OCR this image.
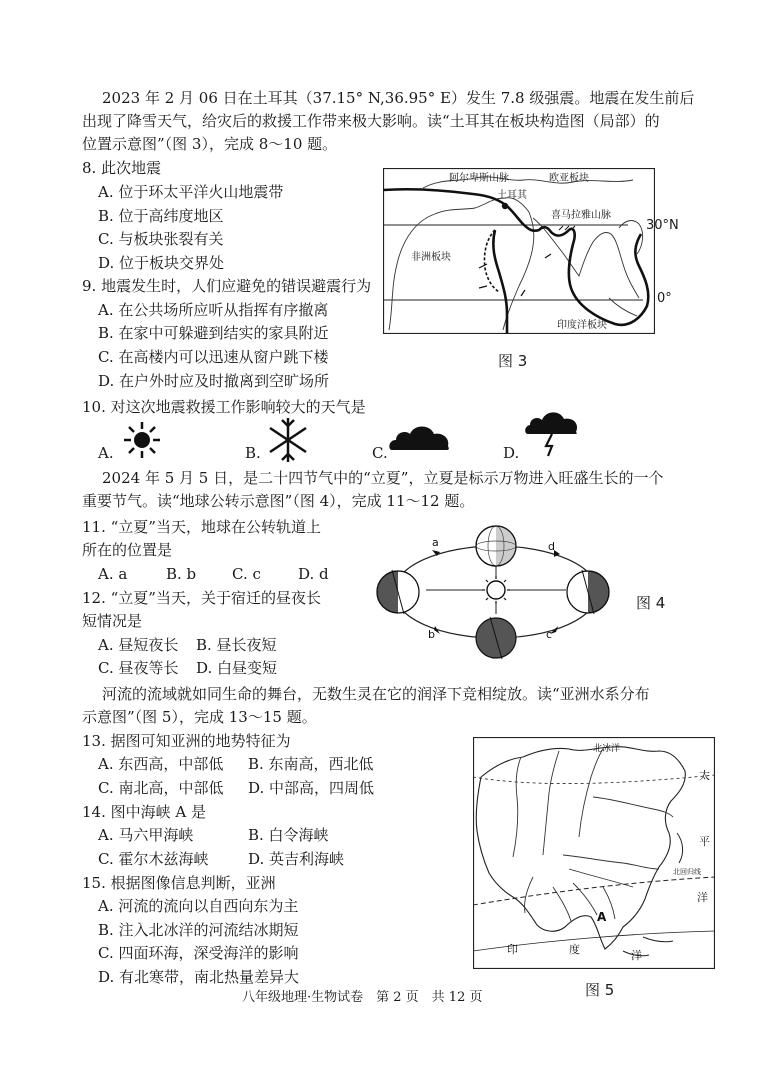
2023 年 2 月 06 日在土耳其（37.15° N,36.95° E）发生 7.8 级强震。地震在发生前后
出现了降雪天气，给灾后的救援工作带来极大影响。读“土耳其在板块构造图（局部）的
位置示意图”（图 3），完成 8～10 题。
8. 此次地震
A. 位于环太平洋火山地震带
B. 位于高纬度地区
C. 与板块张裂有关
D. 位于板块交界处
9. 地震发生时，人们应避免的错误避震行为
A. 在公共场所应听从指挥有序撤离
B. 在家中可躲避到结实的家具附近
C. 在高楼内可以迅速从窗户跳下楼
D. 在户外时应及时撤离到空旷场所
阿尔卑斯山脉	欧亚板块
土耳其
喜马拉雅山脉
非洲板块
印度洋板块
30°N
0°
图 3
10. 对这次地震救援工作影响较大的天气是
A.	B.	C.	D.
2024 年 5 月 5 日，是二十四节气中的“立夏”，立夏是标示万物进入旺盛生长的一个
重要节气。读“地球公转示意图”（图 4），完成 11～12 题。
11. “立夏”当天，地球在公转轨道上
所在的位置是
A. a	B. b C. c D. d
12. “立夏”当天，关于宿迁的昼夜长
短情况是
A. 昼短夜长 B. 昼长夜短
C. 昼夜等长 D. 白昼变短
a	d
b	c
图 4
河流的流域就如同生命的舞台，无数生灵在它的润泽下竞相绽放。读“亚洲水系分布
示意图”（图 5），完成 13～15 题。
13. 据图可知亚洲的地势特征为
A. 东西高，中部低 B. 东南高，西北低
C. 南北高，中部低 D. 中部高，四周低
14. 图中海峡 A 是
A. 马六甲海峡	B. 白令海峡
C. 霍尔木兹海峡	D. 英吉利海峡
15. 根据图像信息判断，亚洲
A. 河流的流向以自西向东为主
B. 注入北冰洋的河流结冰期短
C. 四面环海，深受海洋的影响
D. 有北寒带，南北热量差异大
北冰洋
太
平
洋
北回归线
印	度	洋
A
图 5
八年级地理·生物试卷　第 2 页　共 12 页
